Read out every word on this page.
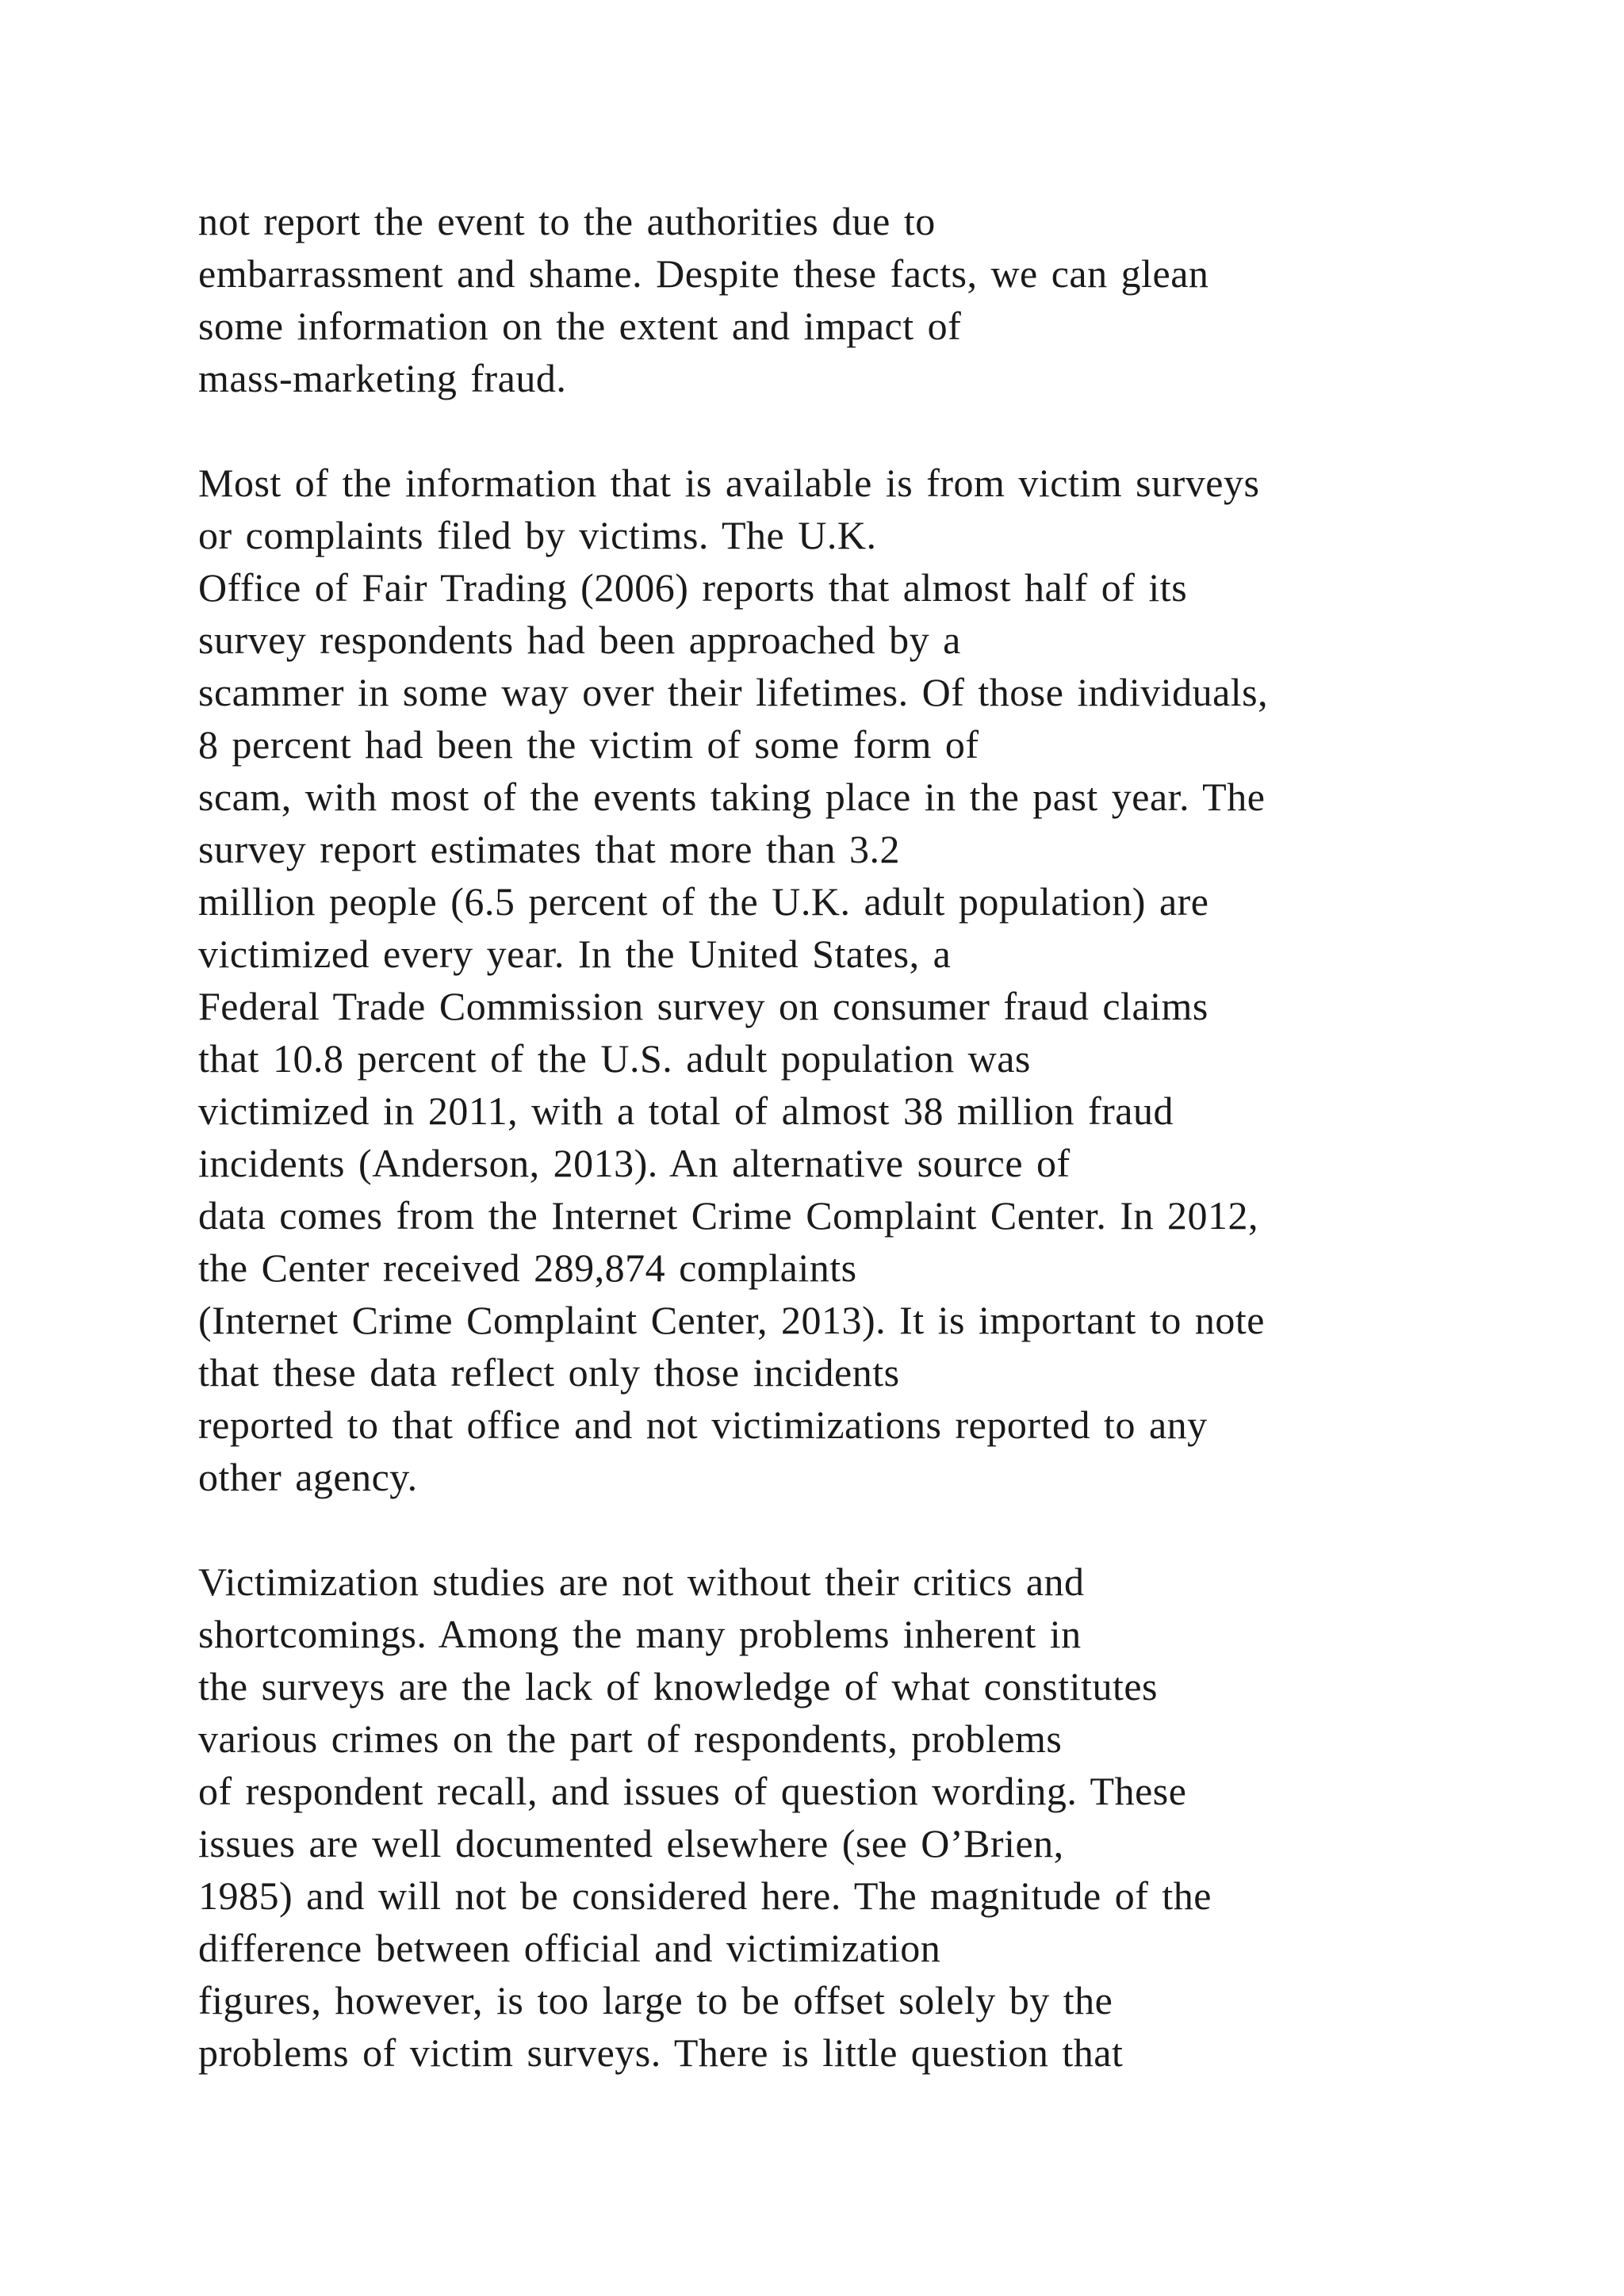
not report the event to the authorities due to
embarrassment and shame. Despite these facts, we can glean
some information on the extent and impact of
mass-marketing fraud.
Most of the information that is available is from victim surveys
or complaints filed by victims. The U.K.
Office of Fair Trading (2006) reports that almost half of its
survey respondents had been approached by a
scammer in some way over their lifetimes. Of those individuals,
8 percent had been the victim of some form of
scam, with most of the events taking place in the past year. The
survey report estimates that more than 3.2
million people (6.5 percent of the U.K. adult population) are
victimized every year. In the United States, a
Federal Trade Commission survey on consumer fraud claims
that 10.8 percent of the U.S. adult population was
victimized in 2011, with a total of almost 38 million fraud
incidents (Anderson, 2013). An alternative source of
data comes from the Internet Crime Complaint Center. In 2012,
the Center received 289,874 complaints
(Internet Crime Complaint Center, 2013). It is important to note
that these data reflect only those incidents
reported to that office and not victimizations reported to any
other agency.
Victimization studies are not without their critics and
shortcomings. Among the many problems inherent in
the surveys are the lack of knowledge of what constitutes
various crimes on the part of respondents, problems
of respondent recall, and issues of question wording. These
issues are well documented elsewhere (see O’Brien,
1985) and will not be considered here. The magnitude of the
difference between official and victimization
figures, however, is too large to be offset solely by the
problems of victim surveys. There is little question that
